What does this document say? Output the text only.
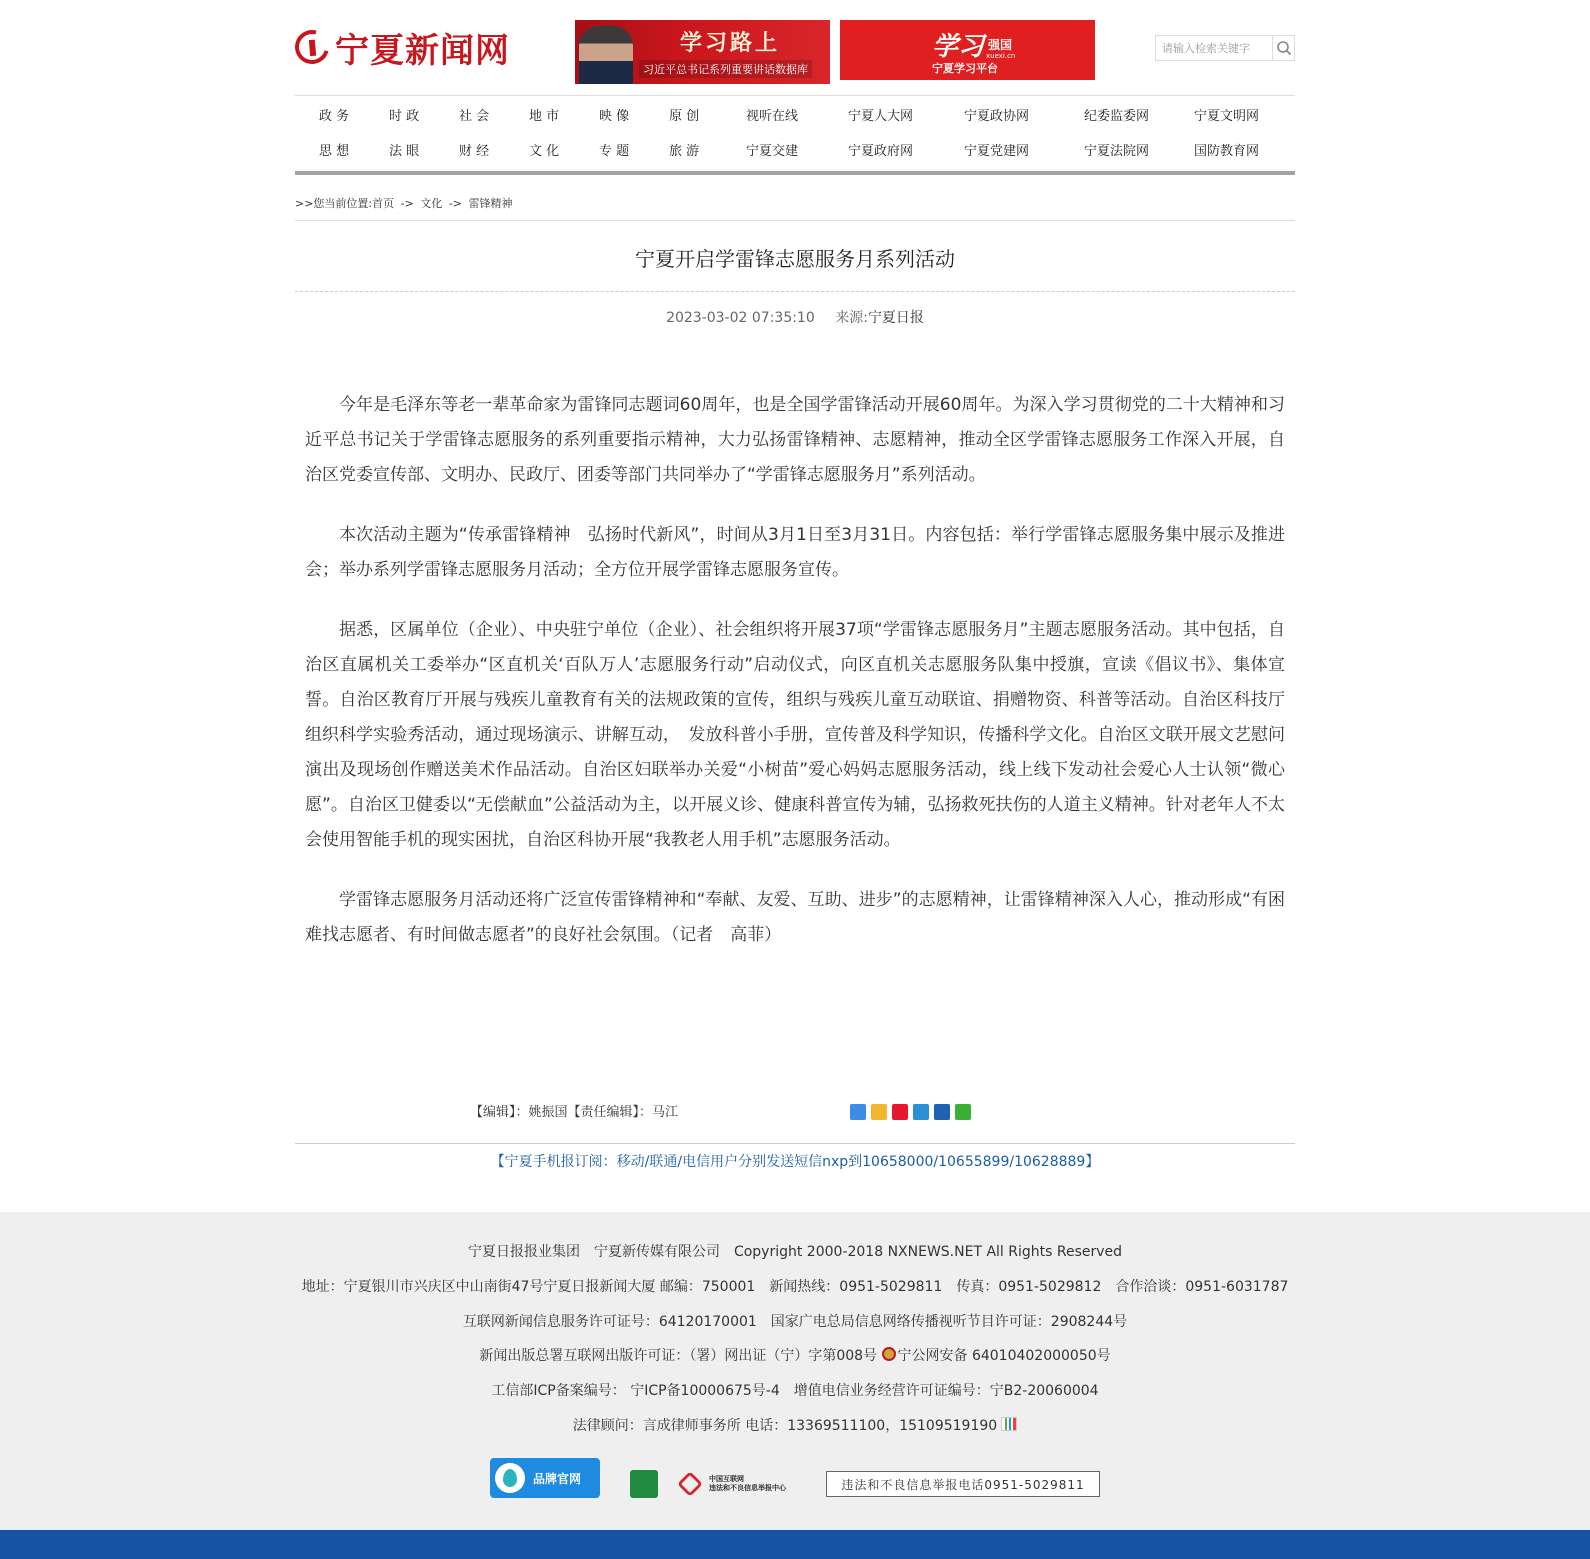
宁夏新闻网	学习路上
习近平总书记系列重要讲话数据库
学习 强国
xuexi.cn
宁夏学习平台
请输入检索关键字
政 务	时 政	社 会	地 市	映 像	原 创	视听在线	宁夏人大网	宁夏政协网	纪委监委网	宁夏文明网
思 想	法 眼	财 经	文 化	专 题	旅 游	宁夏交建	宁夏政府网	宁夏党建网	宁夏法院网	国防教育网
>>您当前位置:首页 -> 文化 -> 雷锋精神
宁夏开启学雷锋志愿服务月系列活动
2023-03-02 07:35:10 来源:宁夏日报

今年是毛泽东等老一辈革命家为雷锋同志题词60周年，也是全国学雷锋活动开展60周年。为深入学习贯彻党的二十大精神和习近平总书记关于学雷锋志愿服务的系列重要指示精神，大力弘扬雷锋精神、志愿精神，推动全区学雷锋志愿服务工作深入开展，自治区党委宣传部、文明办、民政厅、团委等部门共同举办了“学雷锋志愿服务月”系列活动。

本次活动主题为“传承雷锋精神　弘扬时代新风”，时间从3月1日至3月31日。内容包括：举行学雷锋志愿服务集中展示及推进会；举办系列学雷锋志愿服务月活动；全方位开展学雷锋志愿服务宣传。

据悉，区属单位（企业）、中央驻宁单位（企业）、社会组织将开展37项“学雷锋志愿服务月”主题志愿服务活动。其中包括，自治区直属机关工委举办“区直机关‘百队万人’志愿服务行动”启动仪式，向区直机关志愿服务队集中授旗，宣读《倡议书》、集体宣誓。自治区教育厅开展与残疾儿童教育有关的法规政策的宣传，组织与残疾儿童互动联谊、捐赠物资、科普等活动。自治区科技厅组织科学实验秀活动，通过现场演示、讲解互动，　发放科普小手册，宣传普及科学知识，传播科学文化。自治区文联开展文艺慰问演出及现场创作赠送美术作品活动。自治区妇联举办关爱“小树苗”爱心妈妈志愿服务活动，线上线下发动社会爱心人士认领“微心愿”。自治区卫健委以“无偿献血”公益活动为主，以开展义诊、健康科普宣传为辅，弘扬救死扶伤的人道主义精神。针对老年人不太会使用智能手机的现实困扰，自治区科协开展“我教老人用手机”志愿服务活动。

学雷锋志愿服务月活动还将广泛宣传雷锋精神和“奉献、友爱、互助、进步”的志愿精神，让雷锋精神深入人心，推动形成“有困难找志愿者、有时间做志愿者”的良好社会氛围。（记者　高菲）

【编辑】：姚振国【责任编辑】：马江
【宁夏手机报订阅：移动/联通/电信用户分别发送短信nxp到10658000/10655899/10628889】
宁夏日报报业集团　宁夏新传媒有限公司　Copyright 2000-2018 NXNEWS.NET All Rights Reserved
地址：宁夏银川市兴庆区中山南街47号宁夏日报新闻大厦 邮编：750001　新闻热线：0951-5029811　传真：0951-5029812　合作洽谈：0951-6031787
互联网新闻信息服务许可证号：64120170001　国家广电总局信息网络传播视听节目许可证：2908244号
新闻出版总署互联网出版许可证：（署）网出证（宁）字第008号 宁公网安备 64010402000050号
工信部ICP备案编号： 宁ICP备10000675号-4　增值电信业务经营许可证编号：宁B2-20060004
法律顾问：言成律师事务所 电话：13369511100，15109519190
品牌官网	中国互联网
违法和不良信息举报中心	违法和不良信息举报电话0951-5029811
